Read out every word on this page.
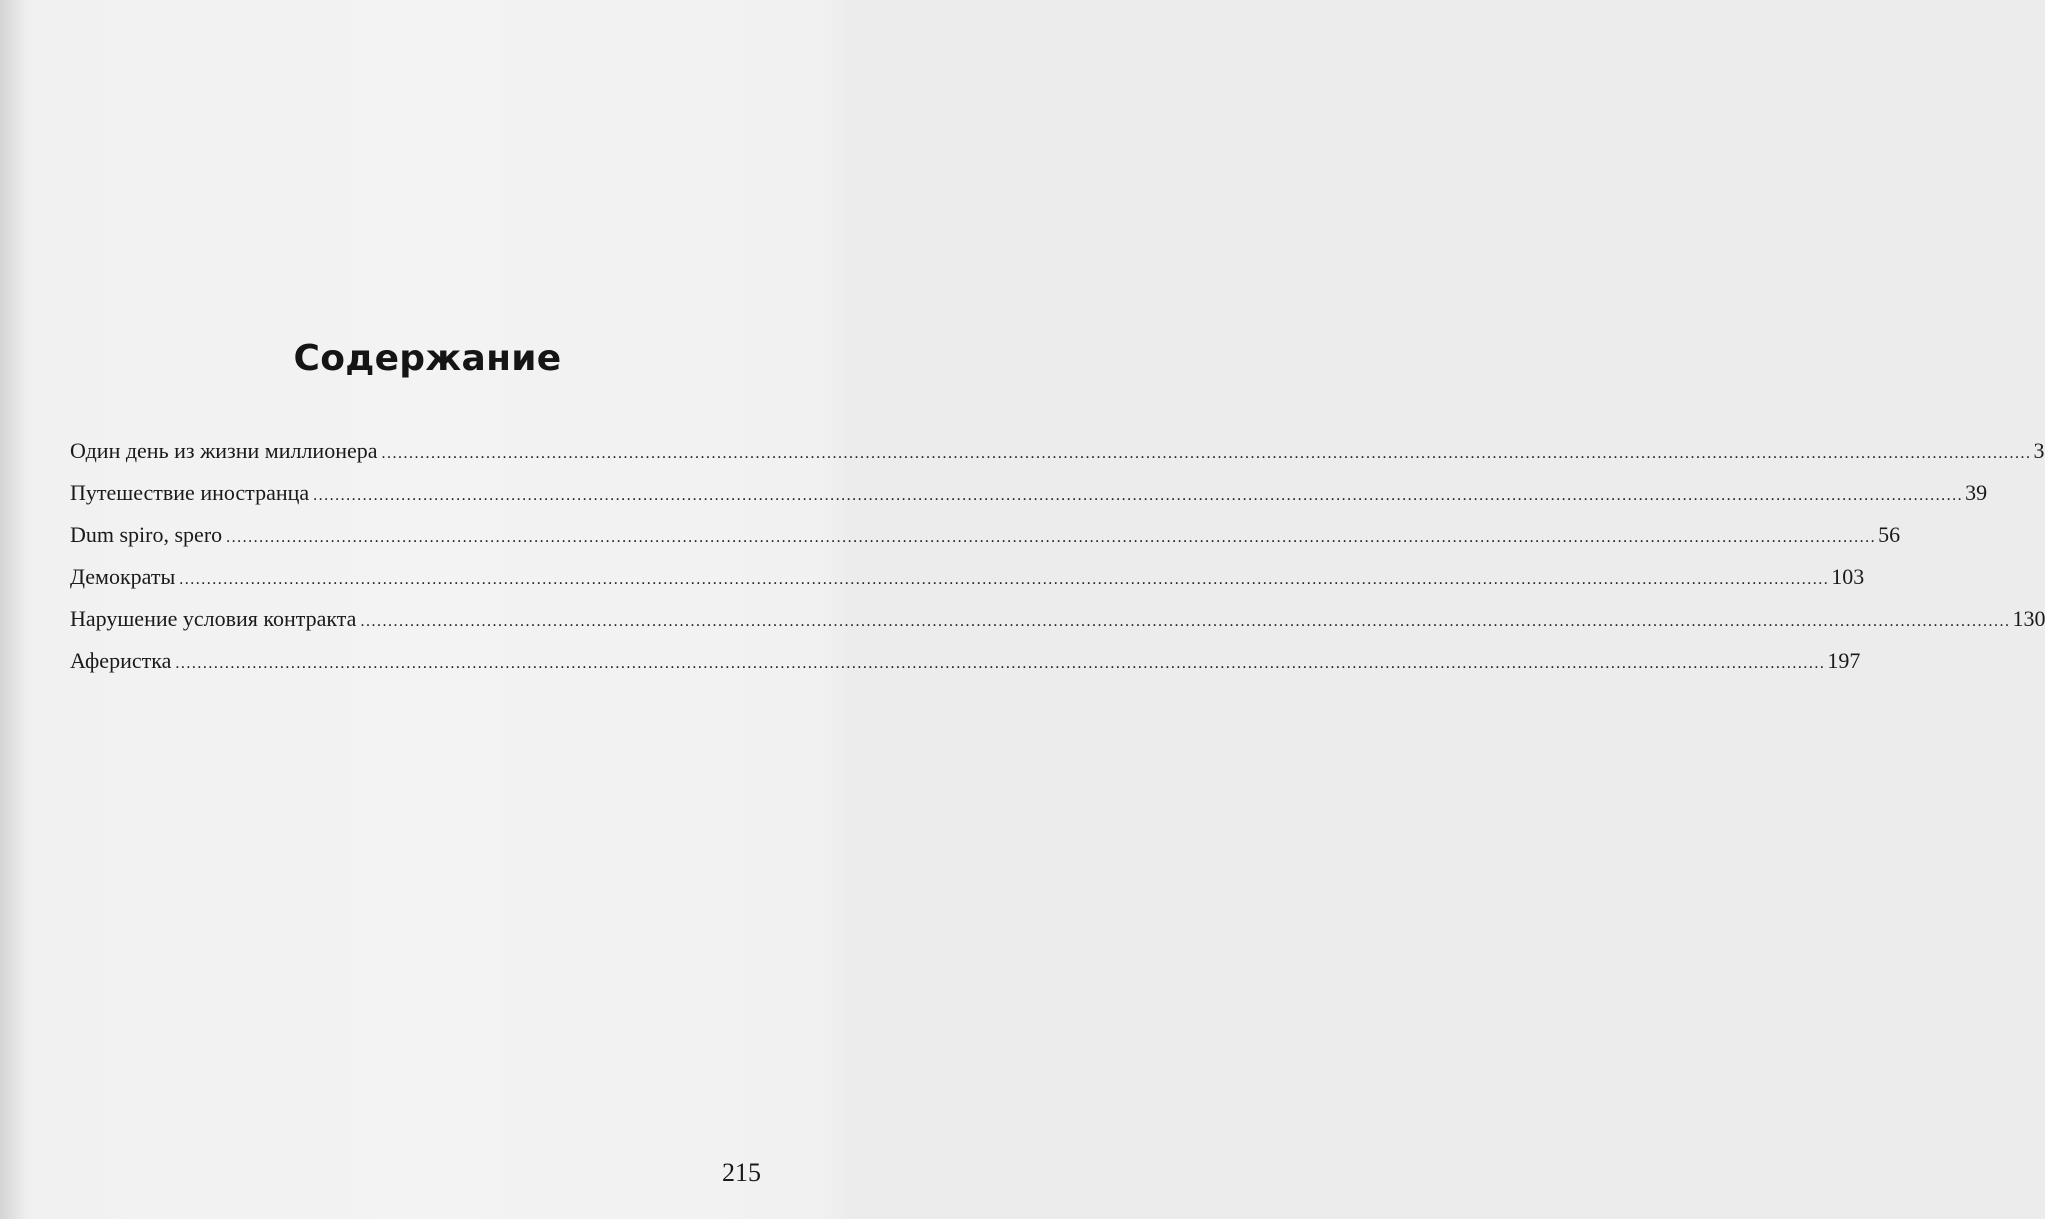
Содержание
Один день из жизни миллионера ............................................................................................................................................................................................................................................................................................................ 3
Путешествие иностранца ............................................................................................................................................................................................................................................................................................................ 39
Dum spiro, spero ............................................................................................................................................................................................................................................................................................................ 56
Демократы ............................................................................................................................................................................................................................................................................................................ 103
Нарушение условия контракта ............................................................................................................................................................................................................................................................................................................ 130
Аферистка ............................................................................................................................................................................................................................................................................................................ 197
215
